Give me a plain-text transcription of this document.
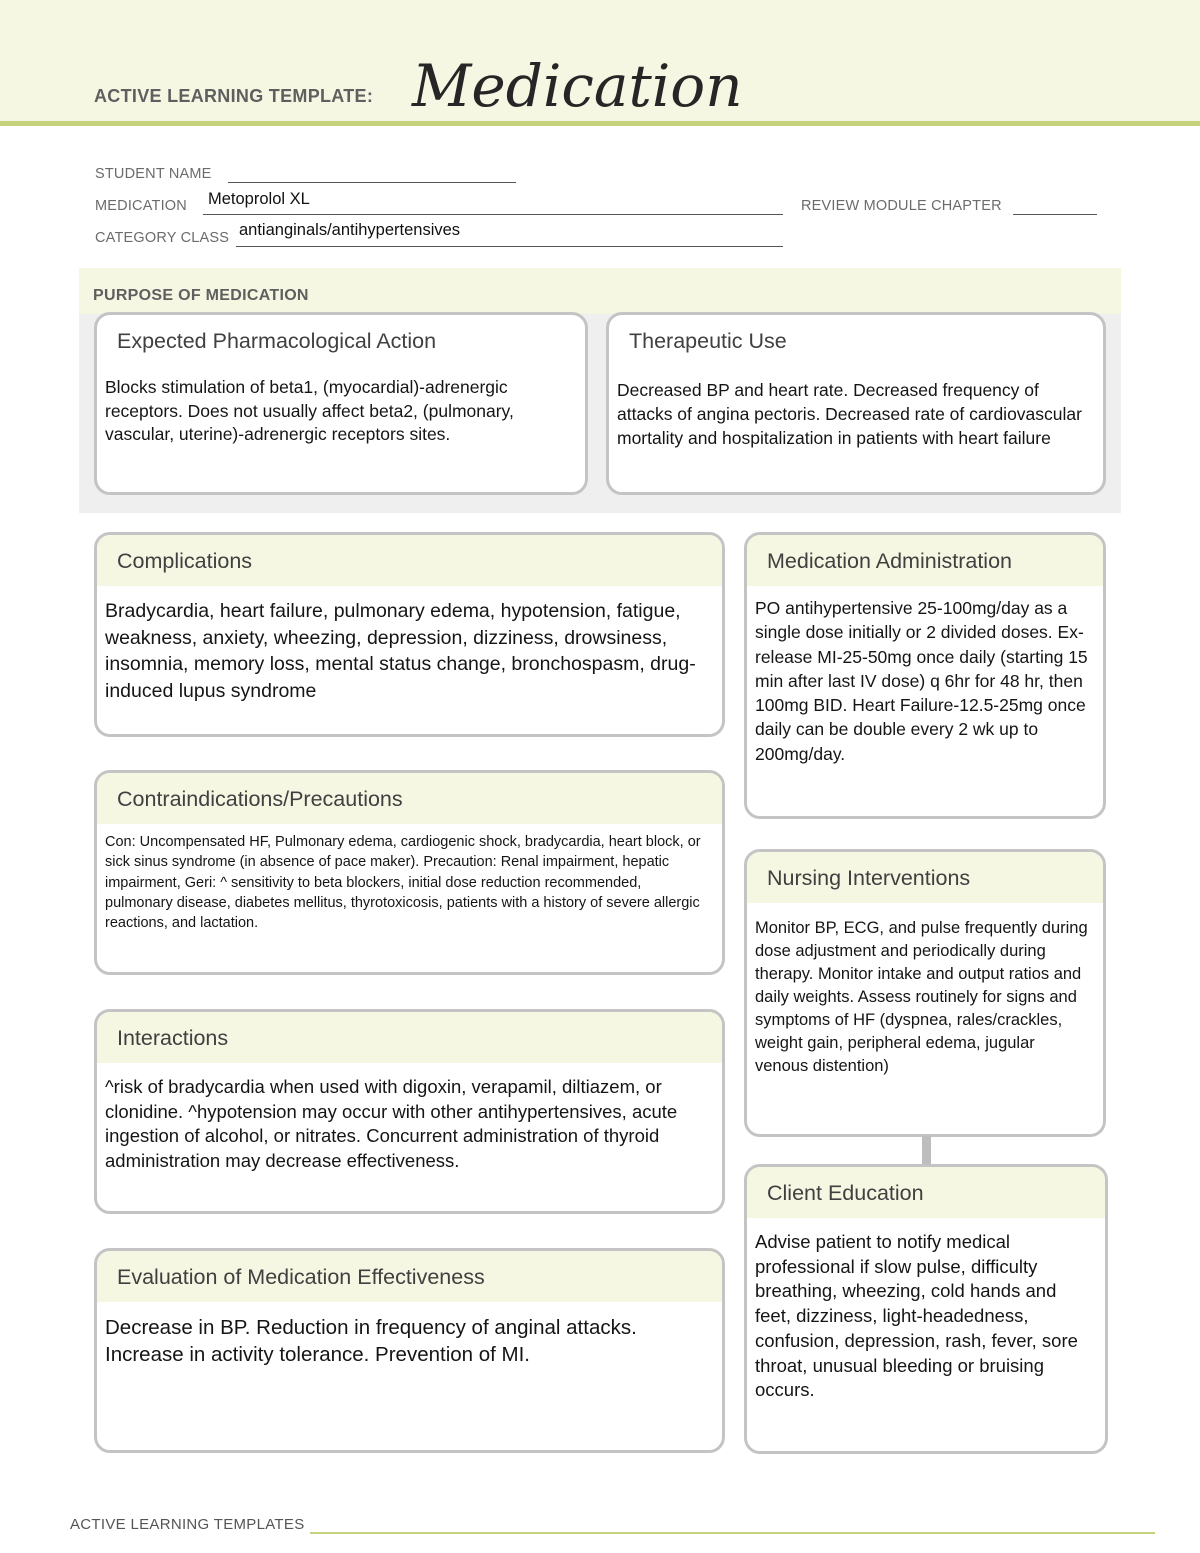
ACTIVE LEARNING TEMPLATE: Medication
STUDENT NAME
MEDICATION Metoprolol XL	REVIEW MODULE CHAPTER
CATEGORY CLASS antianginals/antihypertensives
PURPOSE OF MEDICATION
Expected Pharmacological Action
Blocks stimulation of beta1, (myocardial)-adrenergic receptors. Does not usually affect beta2, (pulmonary, vascular, uterine)-adrenergic receptors sites.
Therapeutic Use
Decreased BP and heart rate. Decreased frequency of attacks of angina pectoris. Decreased rate of cardiovascular mortality and hospitalization in patients with heart failure
Complications
Bradycardia, heart failure, pulmonary edema, hypotension, fatigue, weakness, anxiety, wheezing, depression, dizziness, drowsiness, insomnia, memory loss, mental status change, bronchospasm, drug-induced lupus syndrome
Medication Administration
PO antihypertensive 25-100mg/day as a single dose initially or 2 divided doses. Ex-release MI-25-50mg once daily (starting 15 min after last IV dose) q 6hr for 48 hr, then 100mg BID. Heart Failure-12.5-25mg once daily can be double every 2 wk up to 200mg/day.
Contraindications/Precautions
Con: Uncompensated HF, Pulmonary edema, cardiogenic shock, bradycardia, heart block, or sick sinus syndrome (in absence of pace maker). Precaution: Renal impairment, hepatic impairment, Geri: ^ sensitivity to beta blockers, initial dose reduction recommended, pulmonary disease, diabetes mellitus, thyrotoxicosis, patients with a history of severe allergic reactions, and lactation.
Nursing Interventions
Monitor BP, ECG, and pulse frequently during dose adjustment and periodically during therapy. Monitor intake and output ratios and daily weights. Assess routinely for signs and symptoms of HF (dyspnea, rales/crackles, weight gain, peripheral edema, jugular venous distention)
Interactions
^risk of bradycardia when used with digoxin, verapamil, diltiazem, or clonidine. ^hypotension may occur with other antihypertensives, acute ingestion of alcohol, or nitrates. Concurrent administration of thyroid administration may decrease effectiveness.
Client Education
Advise patient to notify medical professional if slow pulse, difficulty breathing, wheezing, cold hands and feet, dizziness, light-headedness, confusion, depression, rash, fever, sore throat, unusual bleeding or bruising occurs.
Evaluation of Medication Effectiveness
Decrease in BP. Reduction in frequency of anginal attacks. Increase in activity tolerance. Prevention of MI.
ACTIVE LEARNING TEMPLATES
